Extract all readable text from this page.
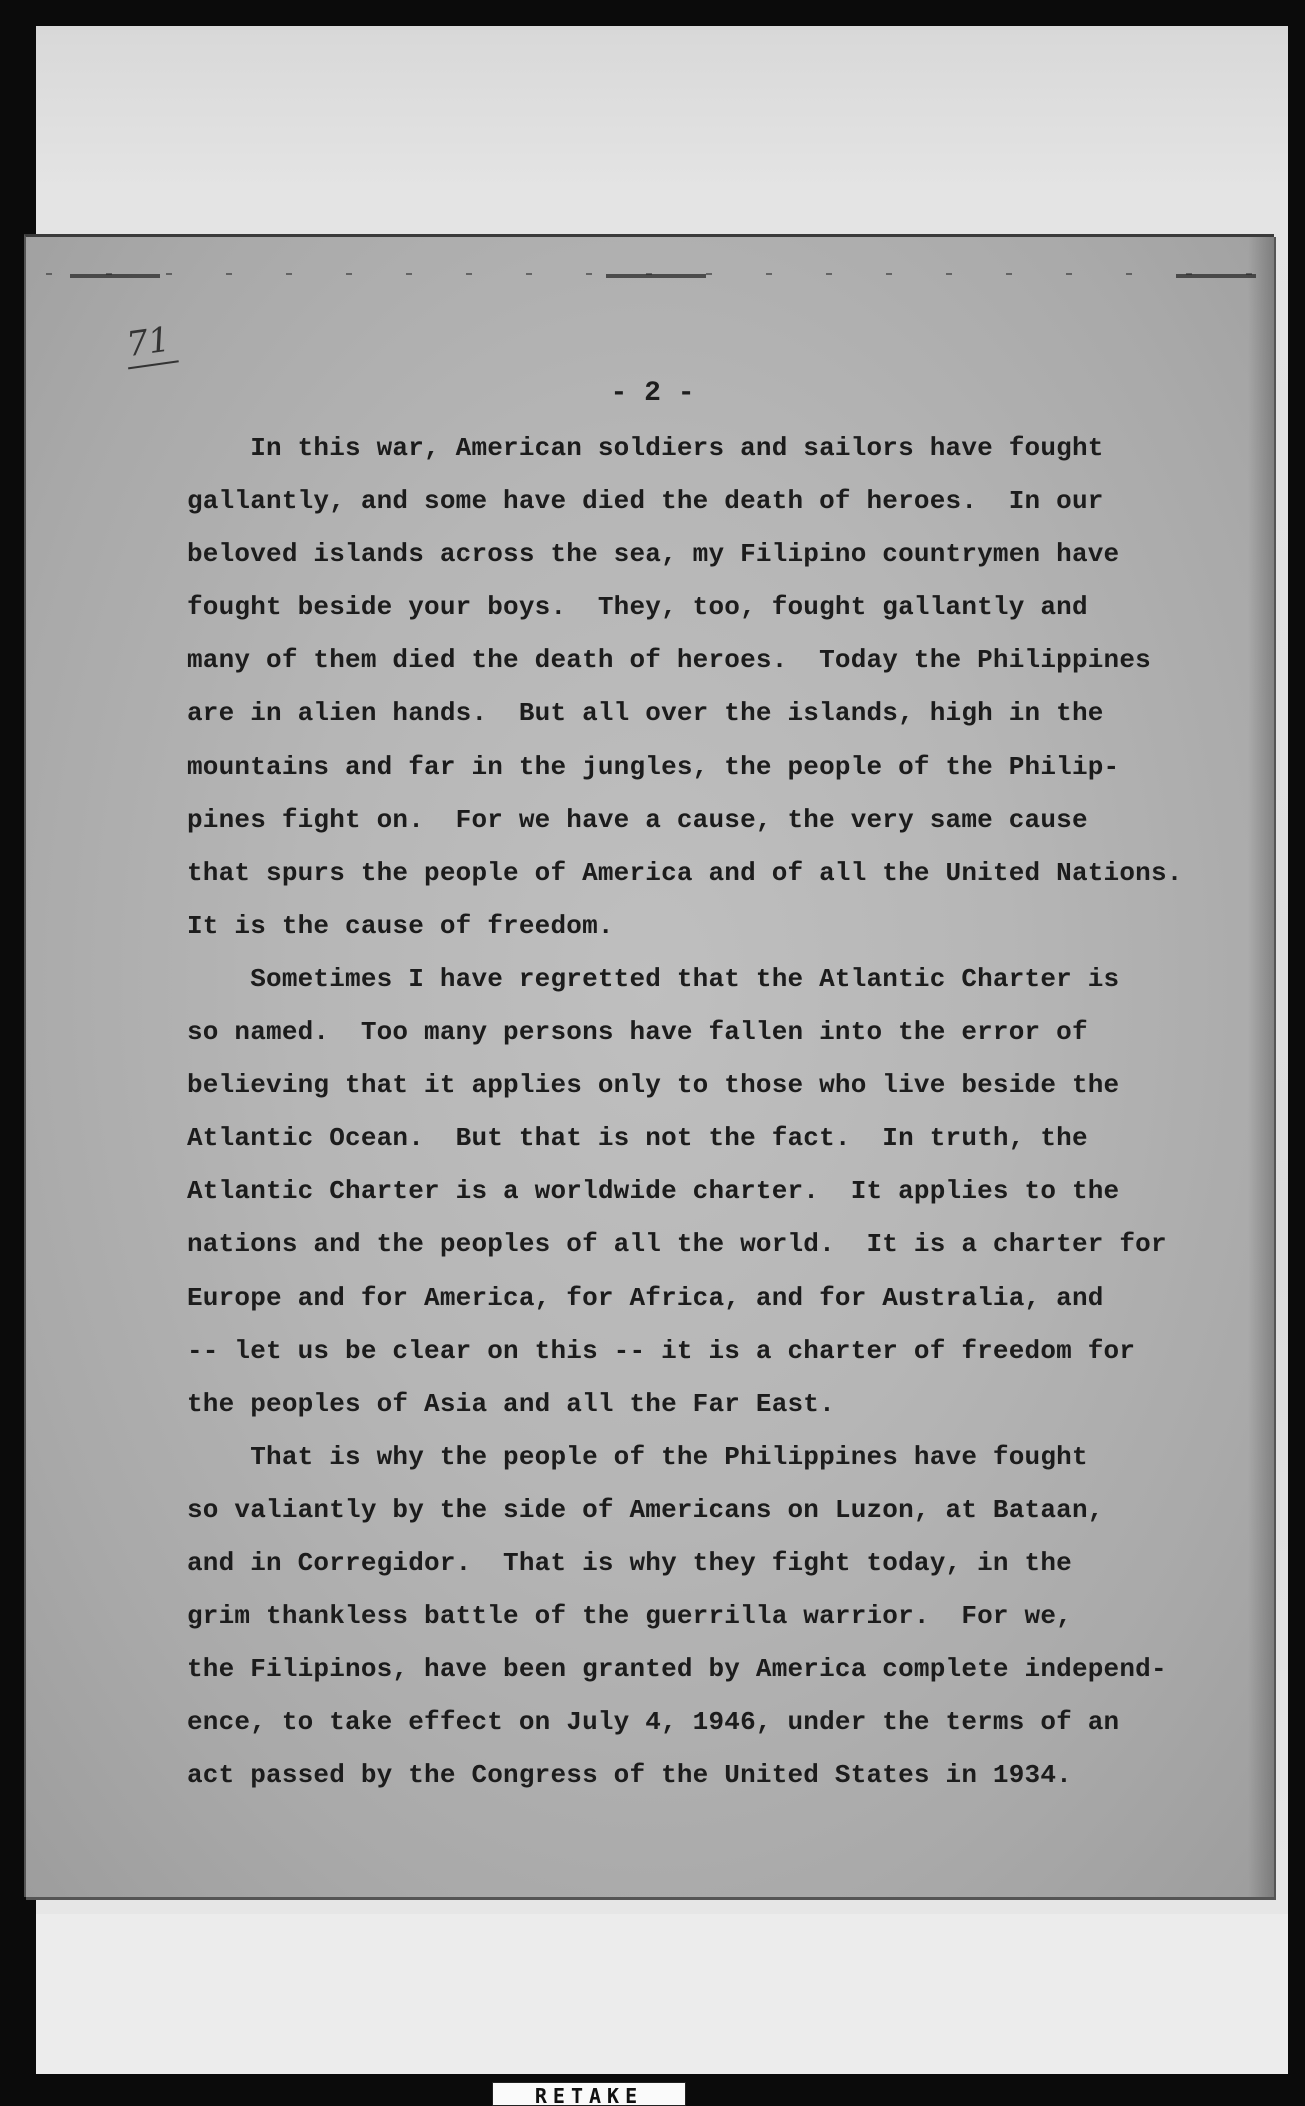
71
- 2 -
In this war, American soldiers and sailors have fought
gallantly, and some have died the death of heroes.  In our
beloved islands across the sea, my Filipino countrymen have
fought beside your boys.  They, too, fought gallantly and
many of them died the death of heroes.  Today the Philippines
are in alien hands.  But all over the islands, high in the
mountains and far in the jungles, the people of the Philip-
pines fight on.  For we have a cause, the very same cause
that spurs the people of America and of all the United Nations.
It is the cause of freedom.
Sometimes I have regretted that the Atlantic Charter is
so named.  Too many persons have fallen into the error of
believing that it applies only to those who live beside the
Atlantic Ocean.  But that is not the fact.  In truth, the
Atlantic Charter is a worldwide charter.  It applies to the
nations and the peoples of all the world.  It is a charter for
Europe and for America, for Africa, and for Australia, and
-- let us be clear on this -- it is a charter of freedom for
the peoples of Asia and all the Far East.
That is why the people of the Philippines have fought
so valiantly by the side of Americans on Luzon, at Bataan,
and in Corregidor.  That is why they fight today, in the
grim thankless battle of the guerrilla warrior.  For we,
the Filipinos, have been granted by America complete independ-
ence, to take effect on July 4, 1946, under the terms of an
act passed by the Congress of the United States in 1934.
RETAKE
